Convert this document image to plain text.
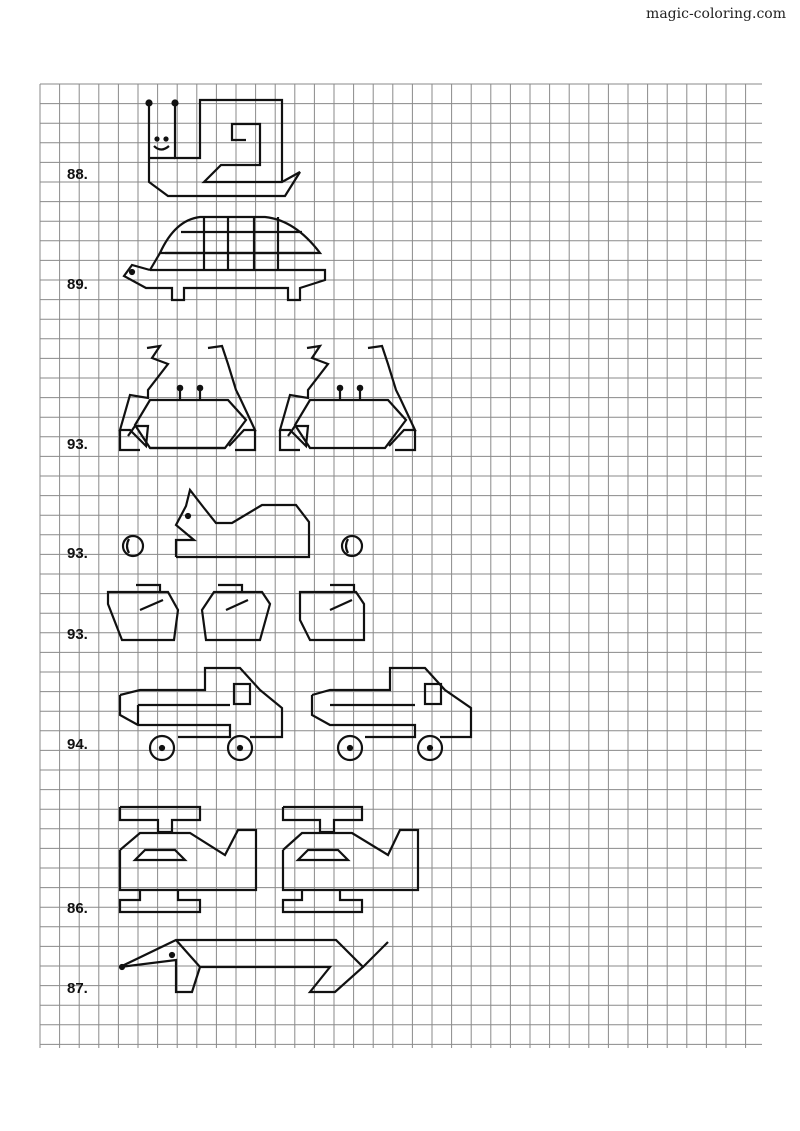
magic-coloring.com
88.
89.
93.
93.
93.
94.
86.
87.
